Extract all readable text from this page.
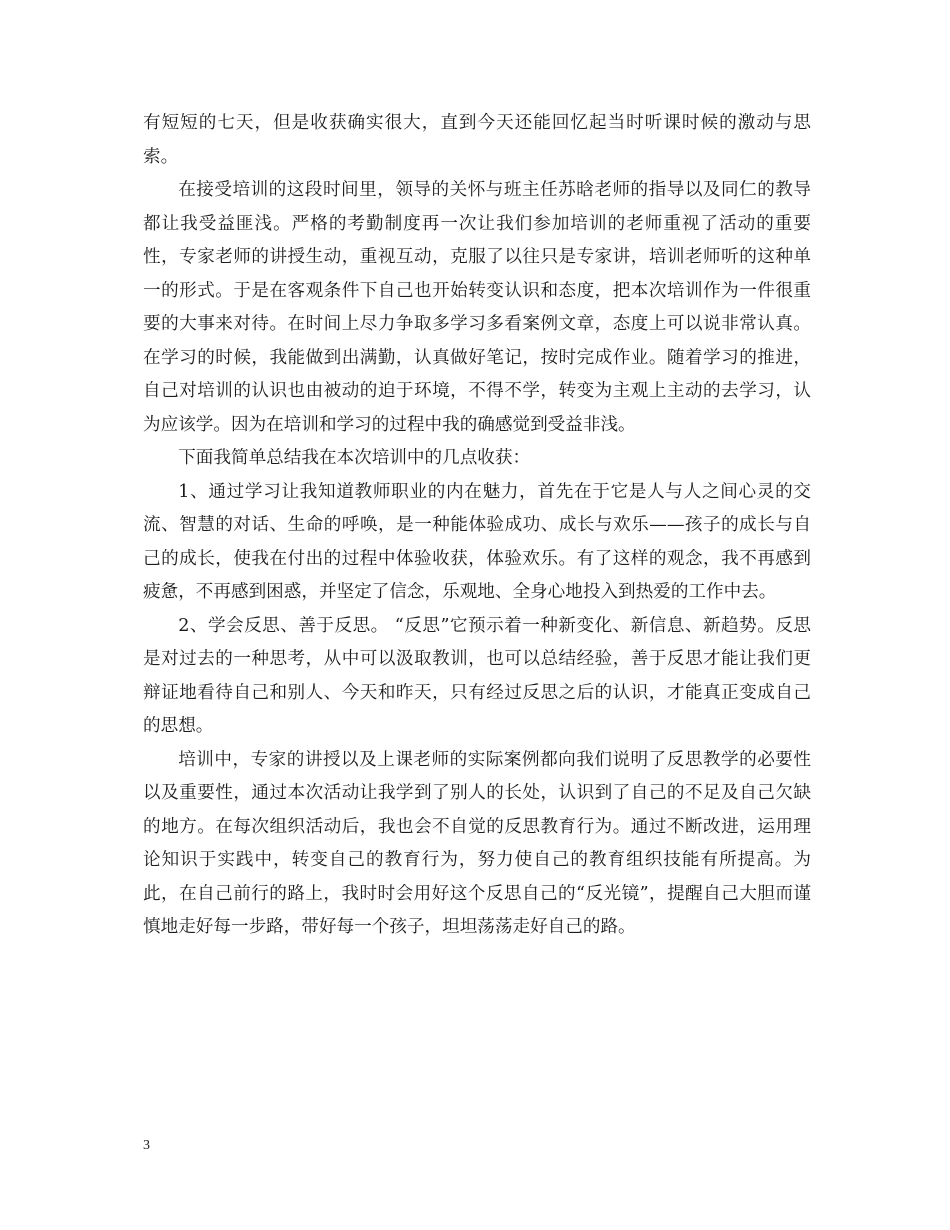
有短短的七天，但是收获确实很大，直到今天还能回忆起当时听课时候的激动与思索。

在接受培训的这段时间里，领导的关怀与班主任苏晗老师的指导以及同仁的教导都让我受益匪浅。严格的考勤制度再一次让我们参加培训的老师重视了活动的重要性，专家老师的讲授生动，重视互动，克服了以往只是专家讲，培训老师听的这种单一的形式。于是在客观条件下自己也开始转变认识和态度，把本次培训作为一件很重要的大事来对待。在时间上尽力争取多学习多看案例文章，态度上可以说非常认真。在学习的时候，我能做到出满勤，认真做好笔记，按时完成作业。随着学习的推进，自己对培训的认识也由被动的迫于环境，不得不学，转变为主观上主动的去学习，认为应该学。因为在培训和学习的过程中我的确感觉到受益非浅。

下面我简单总结我在本次培训中的几点收获：

1、通过学习让我知道教师职业的内在魅力，首先在于它是人与人之间心灵的交流、智慧的对话、生命的呼唤，是一种能体验成功、成长与欢乐——孩子的成长与自己的成长，使我在付出的过程中体验收获，体验欢乐。有了这样的观念，我不再感到疲惫，不再感到困惑，并坚定了信念，乐观地、全身心地投入到热爱的工作中去。

2、学会反思、善于反思。 “反思”它预示着一种新变化、新信息、新趋势。反思是对过去的一种思考，从中可以汲取教训，也可以总结经验，善于反思才能让我们更辩证地看待自己和别人、今天和昨天，只有经过反思之后的认识，才能真正变成自己的思想。

培训中，专家的讲授以及上课老师的实际案例都向我们说明了反思教学的必要性以及重要性，通过本次活动让我学到了别人的长处，认识到了自己的不足及自己欠缺的地方。在每次组织活动后，我也会不自觉的反思教育行为。通过不断改进，运用理论知识于实践中，转变自己的教育行为，努力使自己的教育组织技能有所提高。为此，在自己前行的路上，我时时会用好这个反思自己的“反光镜”，提醒自己大胆而谨慎地走好每一步路，带好每一个孩子，坦坦荡荡走好自己的路。

3
